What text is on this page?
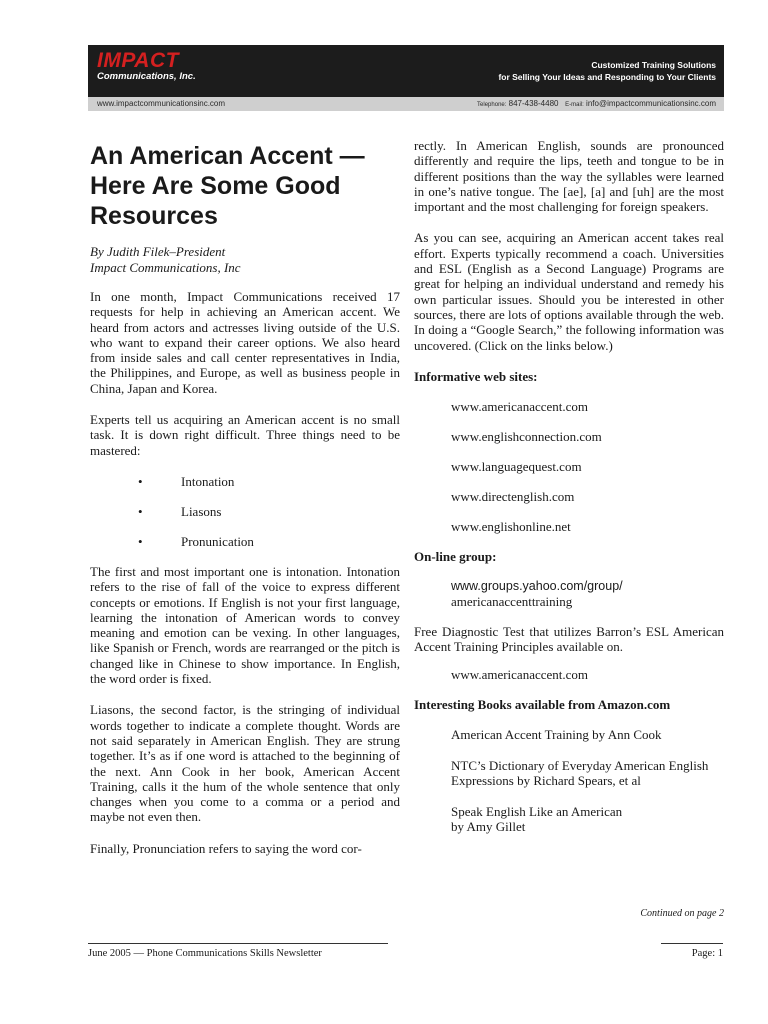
IMPACT
Communications, Inc.
Customized Training Solutions
for Selling Your Ideas and Responding to Your Clients
www.impactcommunicationsinc.com	Telephone: 847-438-4480 E-mail: info@impactcommunicationsinc.com
An American Accent —Here Are Some Good Resources
By Judith Filek–President
Impact Communications, Inc

In one month, Impact Communications received 17 requests for help in achieving an American accent. We heard from actors and actresses living outside of the U.S. who want to expand their career options. We also heard from inside sales and call center representatives in India, the Philippines, and Europe, as well as business people in China, Japan and Korea.

Experts tell us acquiring an American accent is no small task. It is down right difficult. Three things need to be mastered:

•	Intonation
•	Liasons
•	Pronunication

The first and most important one is intonation. Intonation refers to the rise of fall of the voice to express different concepts or emotions. If English is not your first language, learning the intonation of American words to convey meaning and emotion can be vexing. In other languages, like Spanish or French, words are rearranged or the pitch is changed like in Chinese to show importance. In English, the word order is fixed.

Liasons, the second factor, is the stringing of individual words together to indicate a complete thought. Words are not said separately in American English. They are strung together. It’s as if one word is attached to the beginning of the next. Ann Cook in her book, American Accent Training, calls it the hum of the whole sentence that only changes when you come to a comma or a period and maybe not even then.

Finally, Pronunciation refers to saying the word cor-

rectly. In American English, sounds are pronounced differently and require the lips, teeth and tongue to be in different positions than the way the syllables were learned in one’s native tongue. The [ae], [a] and [uh] are the most important and the most challenging for foreign speakers.

As you can see, acquiring an American accent takes real effort. Experts typically recommend a coach. Universities and ESL (English as a Second Language) Programs are great for helping an individual understand and remedy his own particular issues. Should you be interested in other sources, there are lots of options available through the web. In doing a “Google Search,” the following information was uncovered. (Click on the links below.)

Informative web sites:

www.americanaccent.com
www.englishconnection.com
www.languagequest.com
www.directenglish.com
www.englishonline.net

On-line group:

www.groups.yahoo.com/group/
americanaccenttraining

Free Diagnostic Test that utilizes Barron’s ESL American Accent Training Principles available on.

www.americanaccent.com

Interesting Books available from Amazon.com

American Accent Training by Ann Cook
NTC’s Dictionary of Everyday American English Expressions by Richard Spears, et al
Speak English Like an American
by Amy Gillet
Continued on page 2
June 2005 — Phone Communications Skills Newsletter	Page: 1
